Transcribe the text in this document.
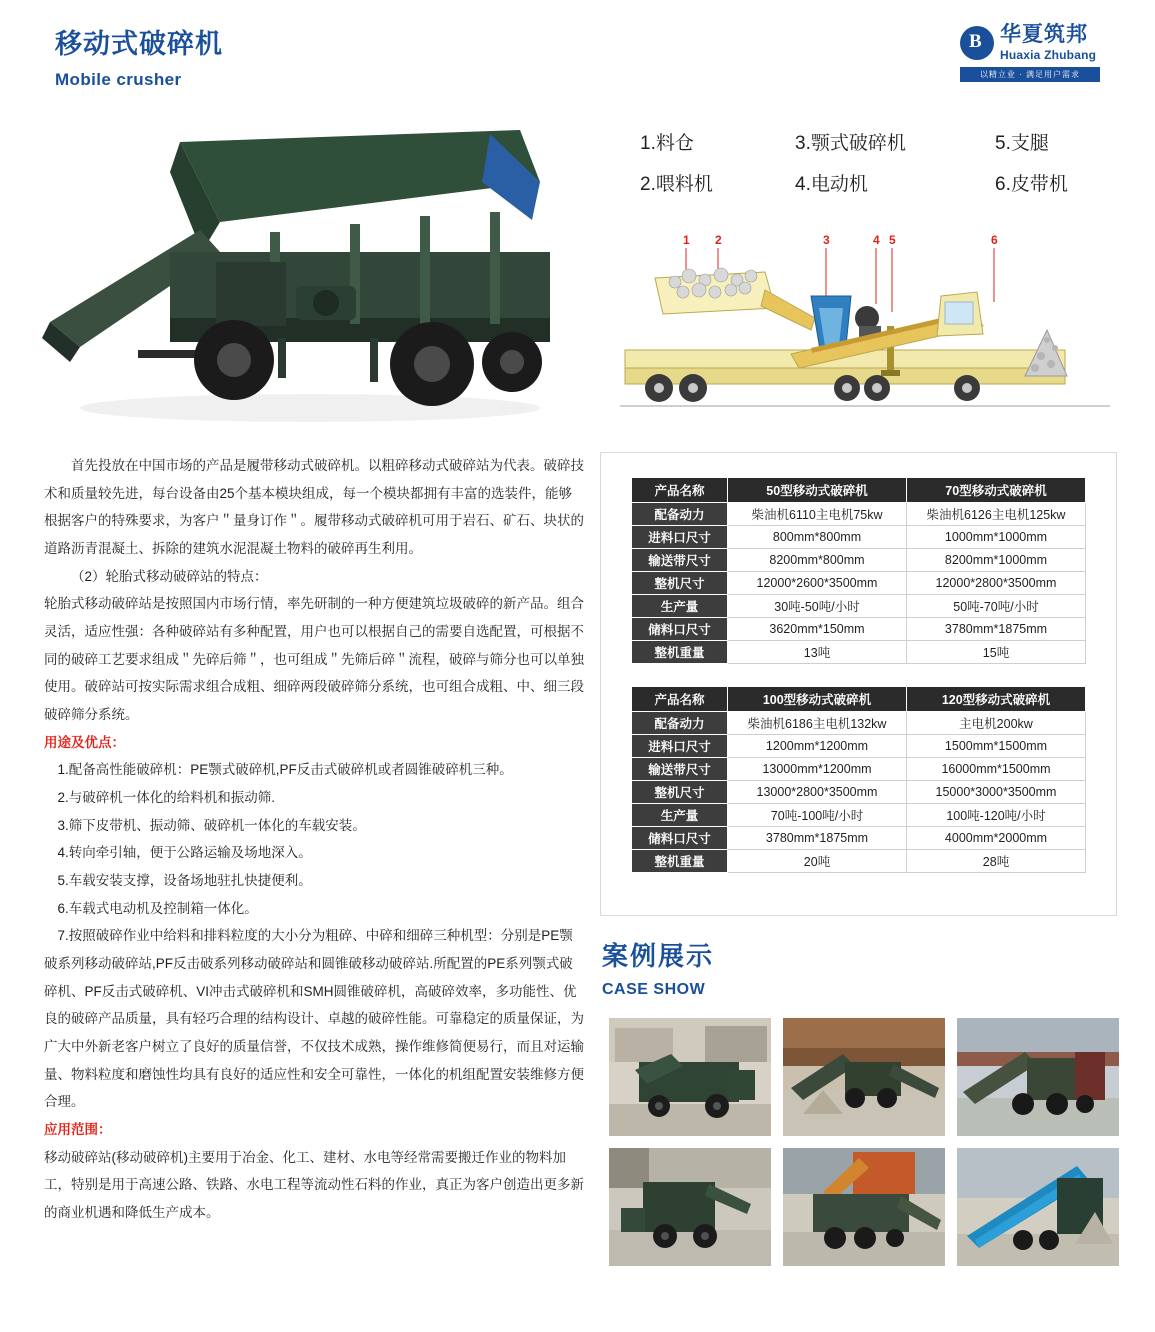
移动式破碎机
Mobile crusher
B 华夏筑邦
Huaxia Zhubang
以精立业 · 满足用户需求
1.料仓	3.颚式破碎机	5.支腿
2.喂料机	4.电动机	6.皮带机
1 2	3	4 5	6

首先投放在中国市场的产品是履带移动式破碎机。以粗碎移动式破碎站为代表。破碎技术和质量较先进，每台设备由25个基本模块组成，每一个模块都拥有丰富的选装件，能够根据客户的特殊要求，为客户＂量身订作＂。履带移动式破碎机可用于岩石、矿石、块状的道路沥青混凝土、拆除的建筑水泥混凝土物料的破碎再生利用。

（2）轮胎式移动破碎站的特点：

轮胎式移动破碎站是按照国内市场行情，率先研制的一种方便建筑垃圾破碎的新产品。组合灵活，适应性强：各种破碎站有多种配置，用户也可以根据自己的需要自选配置，可根据不同的破碎工艺要求组成＂先碎后筛＂，也可组成＂先筛后碎＂流程，破碎与筛分也可以单独使用。破碎站可按实际需求组合成粗、细碎两段破碎筛分系统，也可组合成粗、中、细三段破碎筛分系统。

用途及优点：

1.配备高性能破碎机：PE颚式破碎机,PF反击式破碎机或者圆锥破碎机三种。

2.与破碎机一体化的给料机和振动筛.

3.筛下皮带机、振动筛、破碎机一体化的车载安装。

4.转向牵引轴，便于公路运输及场地深入。

5.车载安装支撑，设备场地驻扎快捷便利。

6.车载式电动机及控制箱一体化。

7.按照破碎作业中给料和排料粒度的大小分为粗碎、中碎和细碎三种机型：分别是PE颚破系列移动破碎站,PF反击破系列移动破碎站和圆锥破移动破碎站.所配置的PE系列颚式破碎机、PF反击式破碎机、VI冲击式破碎机和SMH圆锥破碎机，高破碎效率，多功能性、优良的破碎产品质量，具有轻巧合理的结构设计、卓越的破碎性能。可靠稳定的质量保证，为广大中外新老客户树立了良好的质量信誉，不仅技术成熟，操作维修简便易行，而且对运输量、物料粒度和磨蚀性均具有良好的适应性和安全可靠性，一体化的机组配置安装维修方便合理。

应用范围：

移动破碎站(移动破碎机)主要用于冶金、化工、建材、水电等经常需要搬迁作业的物料加工，特别是用于高速公路、铁路、水电工程等流动性石料的作业，真正为客户创造出更多新的商业机遇和降低生产成本。

产品名称	50型移动式破碎机	70型移动式破碎机
配备动力	柴油机6110主电机75kw	柴油机6126主电机125kw
进料口尺寸	800mm*800mm	1000mm*1000mm
输送带尺寸	8200mm*800mm	8200mm*1000mm
整机尺寸	12000*2600*3500mm	12000*2800*3500mm
生产量	30吨-50吨/小时	50吨-70吨/小时
储料口尺寸	3620mm*150mm	3780mm*1875mm
整机重量	13吨	15吨
产品名称	100型移动式破碎机	120型移动式破碎机
配备动力	柴油机6186主电机132kw	主电机200kw
进料口尺寸	1200mm*1200mm	1500mm*1500mm
输送带尺寸	13000mm*1200mm	16000mm*1500mm
整机尺寸	13000*2800*3500mm	15000*3000*3500mm
生产量	70吨-100吨/小时	100吨-120吨/小时
储料口尺寸	3780mm*1875mm	4000mm*2000mm
整机重量	20吨	28吨
案例展示
CASE SHOW
